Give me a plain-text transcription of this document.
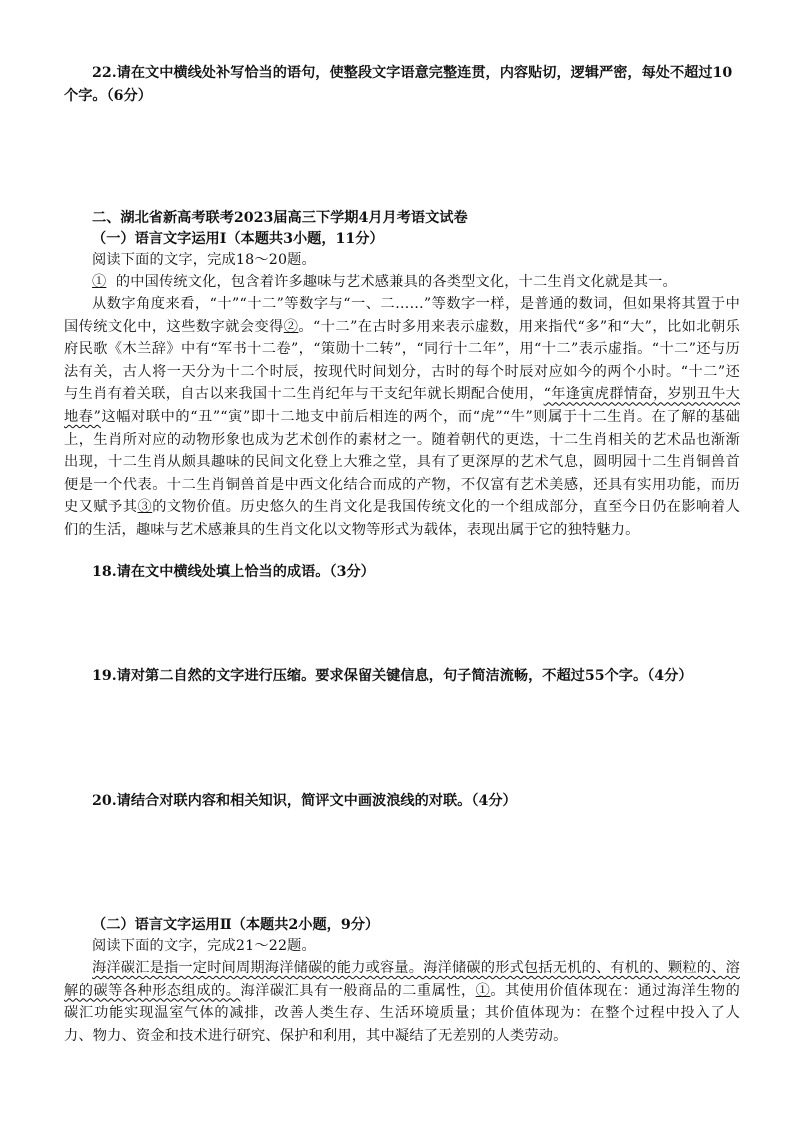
22.请在文中横线处补写恰当的语句，使整段文字语意完整连贯，内容贴切，逻辑严密，每处不超过10个字。（6分）

二、湖北省新高考联考2023届高三下学期4月月考语文试卷

（一）语言文字运用Ⅰ（本题共3小题，11分）

阅读下面的文字，完成18～20题。

① 的中国传统文化，包含着许多趣味与艺术感兼具的各类型文化，十二生肖文化就是其一。

从数字角度来看，“十”“十二”等数字与“一、二……”等数字一样，是普通的数词，但如果将其置于中国传统文化中，这些数字就会变得②。“十二”在古时多用来表示虚数，用来指代“多”和“大”，比如北朝乐府民歌《木兰辞》中有“军书十二卷”，“策勋十二转”，“同行十二年”，用“十二”表示虚指。“十二”还与历法有关，古人将一天分为十二个时辰，按现代时间划分，古时的每个时辰对应如今的两个小时。“十二”还与生肖有着关联，自古以来我国十二生肖纪年与干支纪年就长期配合使用，“年逢寅虎群情奋，岁别丑牛大地春”这幅对联中的“丑”“寅”即十二地支中前后相连的两个，而“虎”“牛”则属于十二生肖。在了解的基础上，生肖所对应的动物形象也成为艺术创作的素材之一。随着朝代的更迭，十二生肖相关的艺术品也渐渐出现，十二生肖从颇具趣味的民间文化登上大雅之堂，具有了更深厚的艺术气息，圆明园十二生肖铜兽首便是一个代表。十二生肖铜兽首是中西文化结合而成的产物，不仅富有艺术美感，还具有实用功能，而历史又赋予其③的文物价值。历史悠久的生肖文化是我国传统文化的一个组成部分，直至今日仍在影响着人们的生活，趣味与艺术感兼具的生肖文化以文物等形式为载体，表现出属于它的独特魅力。

18.请在文中横线处填上恰当的成语。（3分）

19.请对第二自然的文字进行压缩。要求保留关键信息，句子简洁流畅，不超过55个字。（4分）

20.请结合对联内容和相关知识，简评文中画波浪线的对联。（4分）

（二）语言文字运用Ⅱ（本题共2小题，9分）

阅读下面的文字，完成21～22题。

海洋碳汇是指一定时间周期海洋储碳的能力或容量。海洋储碳的形式包括无机的、有机的、颗粒的、溶解的碳等各种形态组成的。海洋碳汇具有一般商品的二重属性，①。其使用价值体现在：通过海洋生物的碳汇功能实现温室气体的减排，改善人类生存、生活环境质量；其价值体现为：在整个过程中投入了人力、物力、资金和技术进行研究、保护和利用，其中凝结了无差别的人类劳动。
